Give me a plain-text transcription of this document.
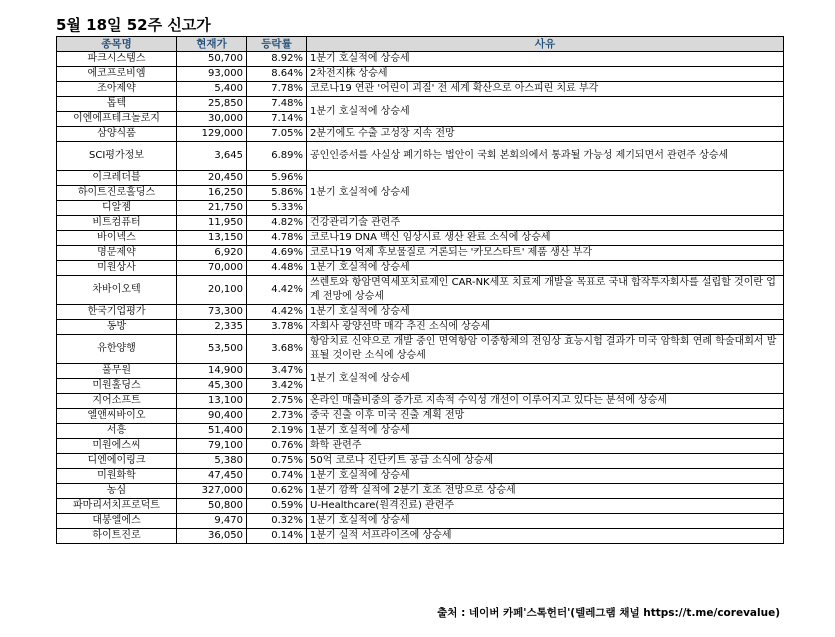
5월 18일 52주 신고가
종목명	현재가	등락률	사유
파크시스템스	50,700	8.92%	1분기 호실적에 상승세
에코프로비엠	93,000	8.64%	2차전지株 상승세
조아제약	5,400	7.78%	코로나19 연관 '어린이 괴질' 전 세계 확산으로 아스피린 치료 부각
톱텍	25,850	7.48%	1분기 호실적에 상승세
이엔에프테크놀로지	30,000	7.14%	
삼양식품	129,000	7.05%	2분기에도 수출 고성장 지속 전망
SCI평가정보	3,645	6.89%	공인인증서를 사실상 폐기하는 법안이 국회 본회의에서 통과될 가능성 제기되면서 관련주 상승세
이크레더블	20,450	5.96%	1분기 호실적에 상승세
하이트진로홀딩스	16,250	5.86%	
디알젬	21,750	5.33%	
비트컴퓨터	11,950	4.82%	건강관리기술 관련주
바이넥스	13,150	4.78%	코로나19 DNA 백신 임상시료 생산 완료 소식에 상승세
명문제약	6,920	4.69%	코로나19 억제 후보물질로 거론되는 '카모스타트' 제품 생산 부각
미원상사	70,000	4.48%	1분기 호실적에 상승세
차바이오텍	20,100	4.42%	쓰렌토와 항암면역세포치료제인 CAR-NK세포 치료제 개발을 목표로 국내 합작투자회사를 설립할 것이란 업계 전망에 상승세
한국기업평가	73,300	4.42%	1분기 호실적에 상승세
동방	2,335	3.78%	자회사 광양선박 매각 추진 소식에 상승세
유한양행	53,500	3.68%	항암치료 신약으로 개발 중인 면역항암 이중항체의 전임상 효능시험 결과가 미국 암학회 연례 학술대회서 발표될 것이란 소식에 상승세
풀무원	14,900	3.47%	1분기 호실적에 상승세
미원홀딩스	45,300	3.42%	
지어소프트	13,100	2.75%	온라인 매출비중의 증가로 지속적 수익성 개선이 이루어지고 있다는 분석에 상승세
엘앤씨바이오	90,400	2.73%	중국 진출 이후 미국 진출 계획 전망
서흥	51,400	2.19%	1분기 호실적에 상승세
미원에스씨	79,100	0.76%	화학 관련주
디엔에이링크	5,380	0.75%	50억 코로나 진단키트 공급 소식에 상승세
미원화학	47,450	0.74%	1분기 호실적에 상승세
농심	327,000	0.62%	1분기 깜짝 실적에 2분기 호조 전망으로 상승세
파마리서치프로덕트	50,800	0.59%	U-Healthcare(원격진료) 관련주
대봉엘에스	9,470	0.32%	1분기 호실적에 상승세
하이트진로	36,050	0.14%	1분기 실적 서프라이즈에 상승세
출처 : 네이버 카페'스톡헌터'(텔레그램 채널 https://t.me/corevalue)
